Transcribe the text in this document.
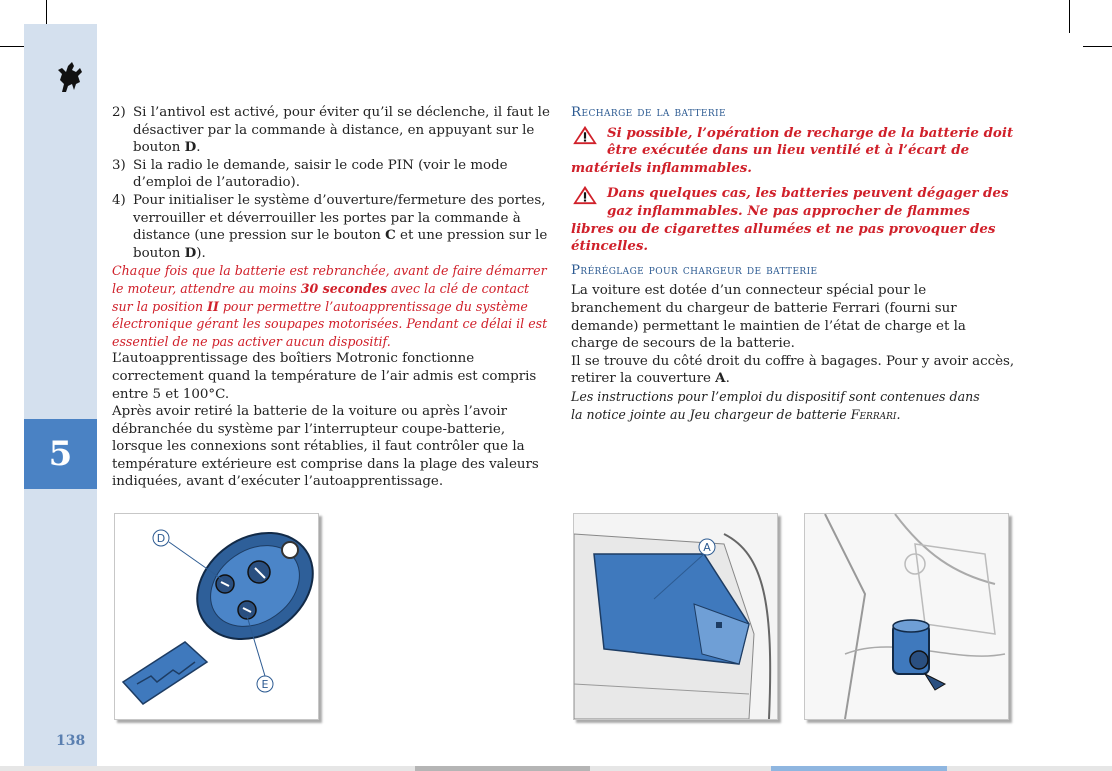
5
138

2) Si l’antivol est activé, pour éviter qu’il se déclenche, il faut le désactiver par la commande à distance, en appuyant sur le bouton D.

3) Si la radio le demande, saisir le code PIN (voir le mode d’emploi de l’autoradio).

4) Pour initialiser le système d’ouverture/fermeture des portes, verrouiller et déverrouiller les portes par la commande à distance (une pression sur le bouton C et une pression sur le bouton D).

Chaque fois que la batterie est rebranchée, avant de faire démarrer le moteur, attendre au moins 30 secondes avec la clé de contact sur la position II pour permettre l’autoapprentissage du système électronique gérant les soupapes motorisées. Pendant ce délai il est essentiel de ne pas activer aucun dispositif.

L’autoapprentissage des boîtiers Motronic fonctionne correctement quand la température de l’air admis est compris entre 5 et 100°C.

Après avoir retiré la batterie de la voiture ou après l’avoir débranchée du système par l’interrupteur coupe-batterie, lorsque les connexions sont rétablies, il faut contrôler que la température extérieure est comprise dans la plage des valeurs indiquées, avant d’exécuter l’autoapprentissage.

Recharge de la batterie

Si possible, l’opération de recharge de la batterie doit être exécutée dans un lieu ventilé et à l’écart de matériels inflammables.
Dans quelques cas, les batteries peuvent dégager des gaz inflammables. Ne pas approcher de flammes libres ou de cigarettes allumées et ne pas provoquer des étincelles.

Préréglage pour chargeur de batterie

La voiture est dotée d’un connecteur spécial pour le branchement du chargeur de batterie Ferrari (fourni sur demande) permettant le maintien de l’état de charge et la charge de secours de la batterie.

Il se trouve du côté droit du coffre à bagages. Pour y avoir accès, retirer la couverture A.

Les instructions pour l’emploi du dispositif sont contenues dans la notice jointe au Jeu chargeur de batterie Ferrari.

D
E
A
